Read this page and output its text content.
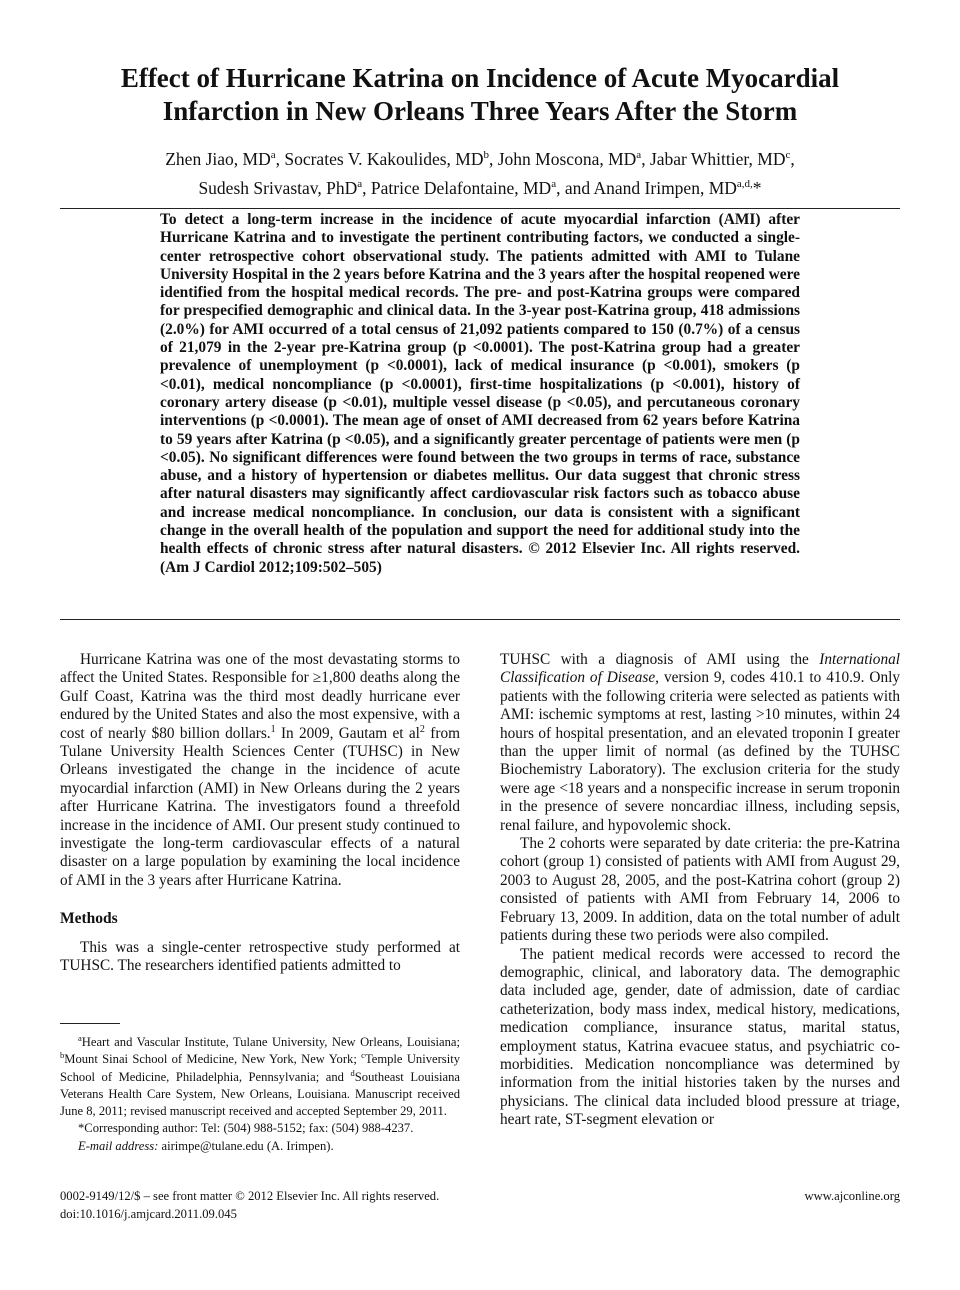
Effect of Hurricane Katrina on Incidence of Acute Myocardial Infarction in New Orleans Three Years After the Storm
Zhen Jiao, $MD^a$, Socrates V. Kakoulides, $MD^b$, John Moscona, $MD^a$, Jabar Whittier, $MD^c$,
Sudesh Srivastav, PhD$^a$, Patrice Delafontaine, $MD^a$, and Anand Irimpen, $MD^{a,d,}*$

To detect a long-term increase in the incidence of acute myocardial infarction (AMI) after Hurricane Katrina and to investigate the pertinent contributing factors, we conducted a single-center retrospective cohort observational study. The patients admitted with AMI to Tulane University Hospital in the 2 years before Katrina and the 3 years after the hospital reopened were identified from the hospital medical records. The pre- and post-Katrina groups were compared for prespecified demographic and clinical data. In the 3-year post-Katrina group, 418 admissions (2.0%) for AMI occurred of a total census of 21,092 patients compared to 150 (0.7%) of a census of 21,079 in the 2-year pre-Katrina group (p <0.0001). The post-Katrina group had a greater prevalence of unemployment (p <0.0001), lack of medical insurance (p <0.001), smokers (p <0.01), medical noncompliance (p <0.0001), first-time hospitalizations (p <0.001), history of coronary artery disease (p <0.01), multiple vessel disease (p <0.05), and percutaneous coronary interventions (p <0.0001). The mean age of onset of AMI decreased from 62 years before Katrina to 59 years after Katrina (p <0.05), and a significantly greater percentage of patients were men (p <0.05). No significant differences were found between the two groups in terms of race, substance abuse, and a history of hypertension or diabetes mellitus. Our data suggest that chronic stress after natural disasters may significantly affect cardiovascular risk factors such as tobacco abuse and increase medical noncompliance. In conclusion, our data is consistent with a significant change in the overall health of the population and support the need for additional study into the health effects of chronic stress after natural disasters. © 2012 Elsevier Inc. All rights reserved. (Am J Cardiol 2012;109:502–505)

Hurricane Katrina was one of the most devastating storms to affect the United States. Responsible for ≥1,800 deaths along the Gulf Coast, Katrina was the third most deadly hurricane ever endured by the United States and also the most expensive, with a cost of nearly $80 billion dollars.$^1$ In 2009, Gautam et $al^2$ from Tulane University Health Sciences Center (TUHSC) in New Orleans investigated the change in the incidence of acute myocardial infarction (AMI) in New Orleans during the 2 years after Hurricane Katrina. The investigators found a threefold increase in the incidence of AMI. Our present study continued to investigate the long-term cardiovascular effects of a natural disaster on a large population by examining the local incidence of AMI in the 3 years after Hurricane Katrina.

Methods

This was a single-center retrospective study performed at TUHSC. The researchers identified patients admitted to

$^a$Heart and Vascular Institute, Tulane University, New Orleans, Louisiana; $^b$Mount Sinai School of Medicine, New York, New York; $^c$Temple University School of Medicine, Philadelphia, Pennsylvania; and $^d$Southeast Louisiana Veterans Health Care System, New Orleans, Louisiana. Manuscript received June 8, 2011; revised manuscript received and accepted September 29, 2011.

*Corresponding author: Tel: (504) 988-5152; fax: (504) 988-4237.

E-mail address: airimpe@tulane.edu (A. Irimpen).

TUHSC with a diagnosis of AMI using the International Classification of Disease, version 9, codes 410.1 to 410.9. Only patients with the following criteria were selected as patients with AMI: ischemic symptoms at rest, lasting >10 minutes, within 24 hours of hospital presentation, and an elevated troponin I greater than the upper limit of normal (as defined by the TUHSC Biochemistry Laboratory). The exclusion criteria for the study were age <18 years and a nonspecific increase in serum troponin in the presence of severe noncardiac illness, including sepsis, renal failure, and hypovolemic shock.

The 2 cohorts were separated by date criteria: the pre-Katrina cohort (group 1) consisted of patients with AMI from August 29, 2003 to August 28, 2005, and the post-Katrina cohort (group 2) consisted of patients with AMI from February 14, 2006 to February 13, 2009. In addition, data on the total number of adult patients during these two periods were also compiled.

The patient medical records were accessed to record the demographic, clinical, and laboratory data. The demographic data included age, gender, date of admission, date of cardiac catheterization, body mass index, medical history, medications, medication compliance, insurance status, marital status, employment status, Katrina evacuee status, and psychiatric co-morbidities. Medication noncompliance was determined by information from the initial histories taken by the nurses and physicians. The clinical data included blood pressure at triage, heart rate, ST-segment elevation or

0002-9149/12/$ – see front matter © 2012 Elsevier Inc. All rights reserved.
doi:10.1016/j.amjcard.2011.09.045
www.ajconline.org
